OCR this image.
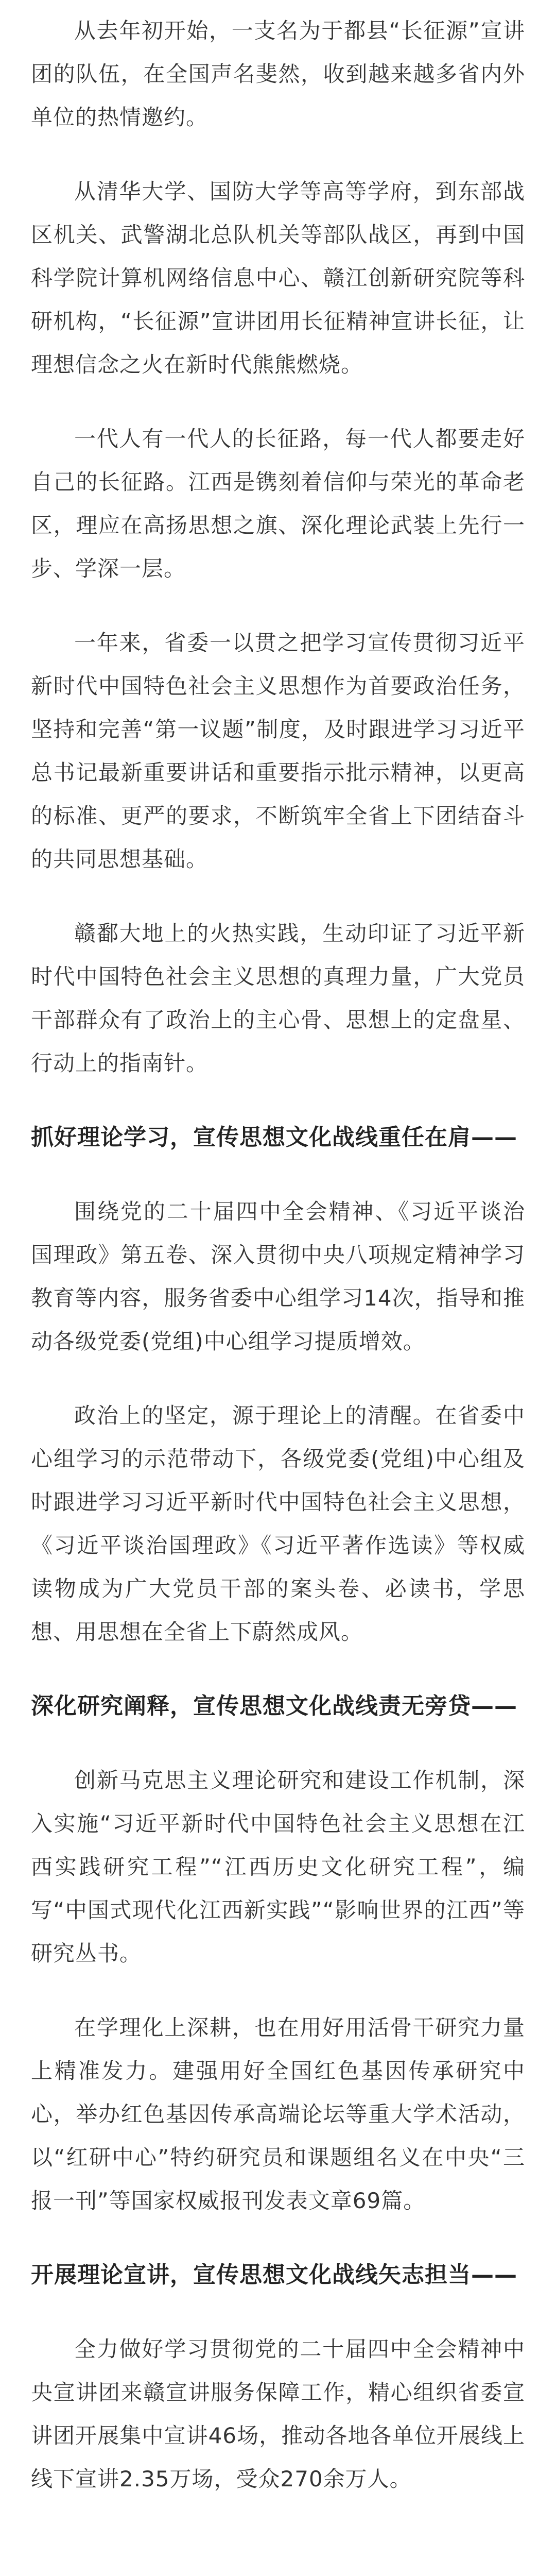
从去年初开始，一支名为于都县“长征源”宣讲团的队伍，在全国声名斐然，收到越来越多省内外单位的热情邀约。

从清华大学、国防大学等高等学府，到东部战区机关、武警湖北总队机关等部队战区，再到中国科学院计算机网络信息中心、赣江创新研究院等科研机构，“长征源”宣讲团用长征精神宣讲长征，让理想信念之火在新时代熊熊燃烧。

一代人有一代人的长征路，每一代人都要走好自己的长征路。江西是镌刻着信仰与荣光的革命老区，理应在高扬思想之旗、深化理论武装上先行一步、学深一层。

一年来，省委一以贯之把学习宣传贯彻习近平新时代中国特色社会主义思想作为首要政治任务，坚持和完善“第一议题”制度，及时跟进学习习近平总书记最新重要讲话和重要指示批示精神，以更高的标准、更严的要求，不断筑牢全省上下团结奋斗的共同思想基础。

赣鄱大地上的火热实践，生动印证了习近平新时代中国特色社会主义思想的真理力量，广大党员干部群众有了政治上的主心骨、思想上的定盘星、行动上的指南针。

抓好理论学习，宣传思想文化战线重任在肩——

围绕党的二十届四中全会精神、《习近平谈治国理政》第五卷、深入贯彻中央八项规定精神学习教育等内容，服务省委中心组学习14次，指导和推动各级党委(党组)中心组学习提质增效。

政治上的坚定，源于理论上的清醒。在省委中心组学习的示范带动下，各级党委(党组)中心组及时跟进学习习近平新时代中国特色社会主义思想，《习近平谈治国理政》《习近平著作选读》等权威读物成为广大党员干部的案头卷、必读书，学思想、用思想在全省上下蔚然成风。

深化研究阐释，宣传思想文化战线责无旁贷——

创新马克思主义理论研究和建设工作机制，深入实施“习近平新时代中国特色社会主义思想在江西实践研究工程”“江西历史文化研究工程”，编写“中国式现代化江西新实践”“影响世界的江西”等研究丛书。

在学理化上深耕，也在用好用活骨干研究力量上精准发力。建强用好全国红色基因传承研究中心，举办红色基因传承高端论坛等重大学术活动，以“红研中心”特约研究员和课题组名义在中央“三报一刊”等国家权威报刊发表文章69篇。

开展理论宣讲，宣传思想文化战线矢志担当——

全力做好学习贯彻党的二十届四中全会精神中央宣讲团来赣宣讲服务保障工作，精心组织省委宣讲团开展集中宣讲46场，推动各地各单位开展线上线下宣讲2.35万场，受众270余万人。
